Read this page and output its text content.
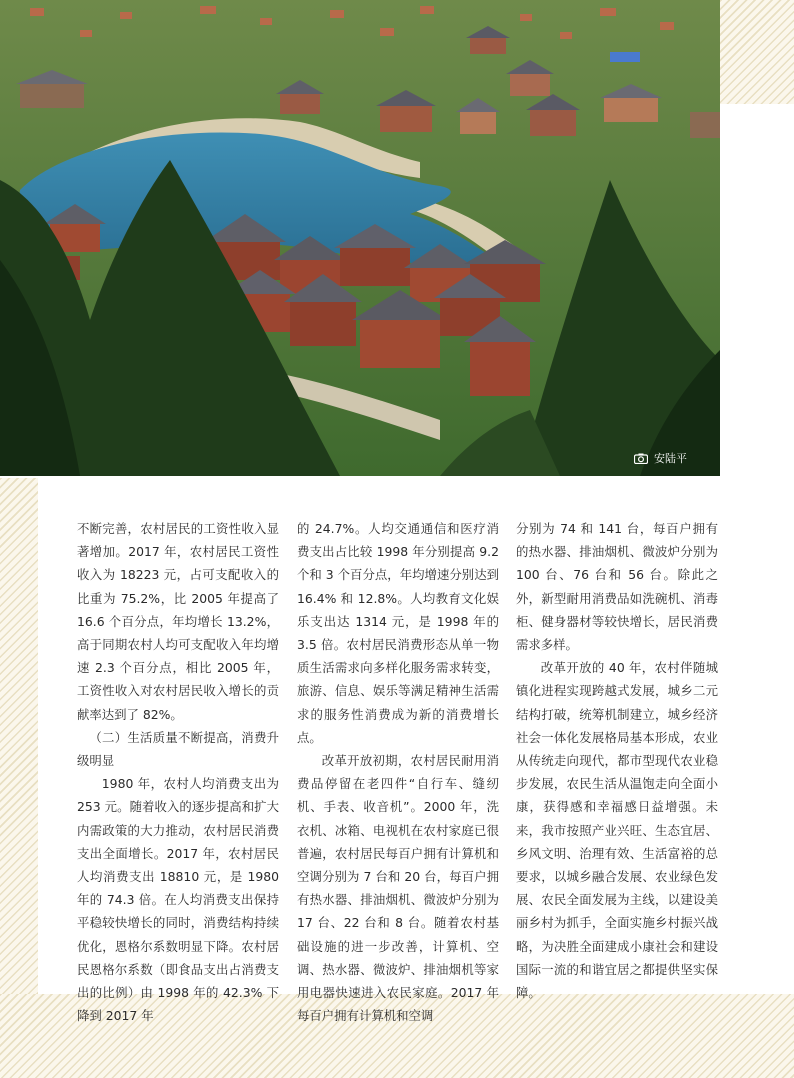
安陆平

不断完善，农村居民的工资性收入显著增加。2017 年，农村居民工资性收入为 18223 元，占可支配收入的比重为 75.2%，比 2005 年提高了 16.6 个百分点，年均增长 13.2%，高于同期农村人均可支配收入年均增速 2.3 个百分点，相比 2005 年，工资性收入对农村居民收入增长的贡献率达到了 82%。

（二）生活质量不断提高，消费升级明显

1980 年，农村人均消费支出为 253 元。随着收入的逐步提高和扩大内需政策的大力推动，农村居民消费支出全面增长。2017 年，农村居民人均消费支出 18810 元，是 1980 年的 74.3 倍。在人均消费支出保持平稳较快增长的同时，消费结构持续优化，恩格尔系数明显下降。农村居民恩格尔系数（即食品支出占消费支出的比例）由 1998 年的 42.3% 下降到 2017 年

的 24.7%。人均交通通信和医疗消费支出占比较 1998 年分别提高 9.2 个和 3 个百分点，年均增速分别达到 16.4% 和 12.8%。人均教育文化娱乐支出达 1314 元，是 1998 年的 3.5 倍。农村居民消费形态从单一物质生活需求向多样化服务需求转变，旅游、信息、娱乐等满足精神生活需求的服务性消费成为新的消费增长点。

改革开放初期，农村居民耐用消费品停留在老四件“自行车、缝纫机、手表、收音机”。2000 年，洗衣机、冰箱、电视机在农村家庭已很普遍，农村居民每百户拥有计算机和空调分别为 7 台和 20 台，每百户拥有热水器、排油烟机、微波炉分别为 17 台、22 台和 8 台。随着农村基础设施的进一步改善，计算机、空调、热水器、微波炉、排油烟机等家用电器快速进入农民家庭。2017 年每百户拥有计算机和空调

分别为 74 和 141 台，每百户拥有的热水器、排油烟机、微波炉分别为 100 台、76 台和 56 台。除此之外，新型耐用消费品如洗碗机、消毒柜、健身器材等较快增长，居民消费需求多样。

改革开放的 40 年，农村伴随城镇化进程实现跨越式发展，城乡二元结构打破，统筹机制建立，城乡经济社会一体化发展格局基本形成，农业从传统走向现代，都市型现代农业稳步发展，农民生活从温饱走向全面小康，获得感和幸福感日益增强。未来，我市按照产业兴旺、生态宜居、乡风文明、治理有效、生活富裕的总要求，以城乡融合发展、农业绿色发展、农民全面发展为主线，以建设美丽乡村为抓手，全面实施乡村振兴战略，为决胜全面建成小康社会和建设国际一流的和谐宜居之都提供坚实保障。
